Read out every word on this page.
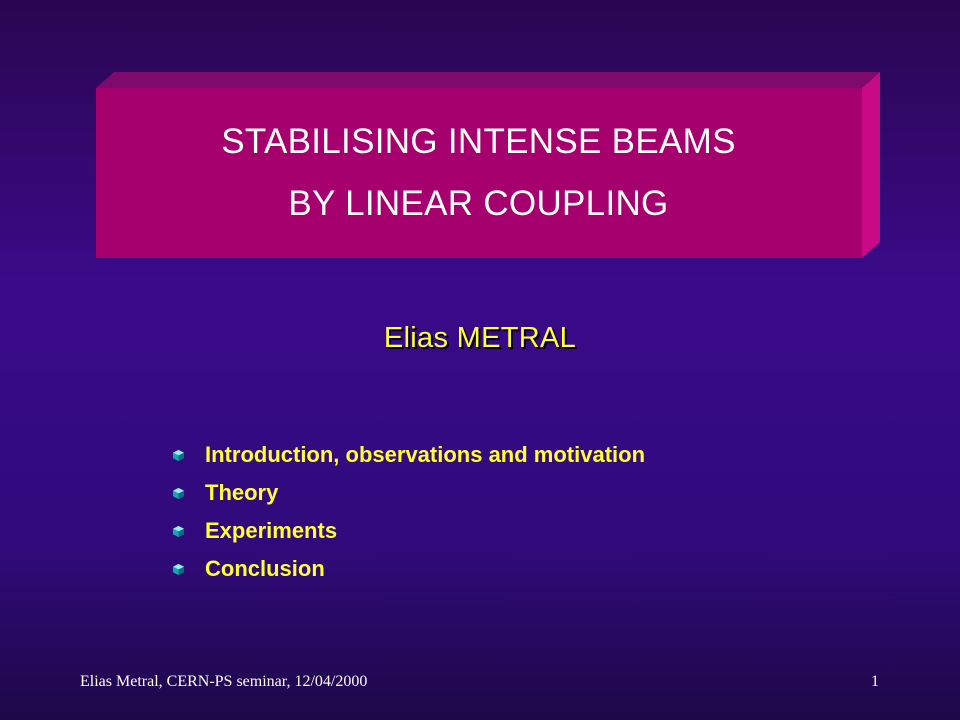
STABILISING INTENSE BEAMS
BY LINEAR COUPLING
Elias METRAL
Introduction, observations and motivation
Theory
Experiments
Conclusion
Elias Metral, CERN-PS seminar, 12/04/2000	1
